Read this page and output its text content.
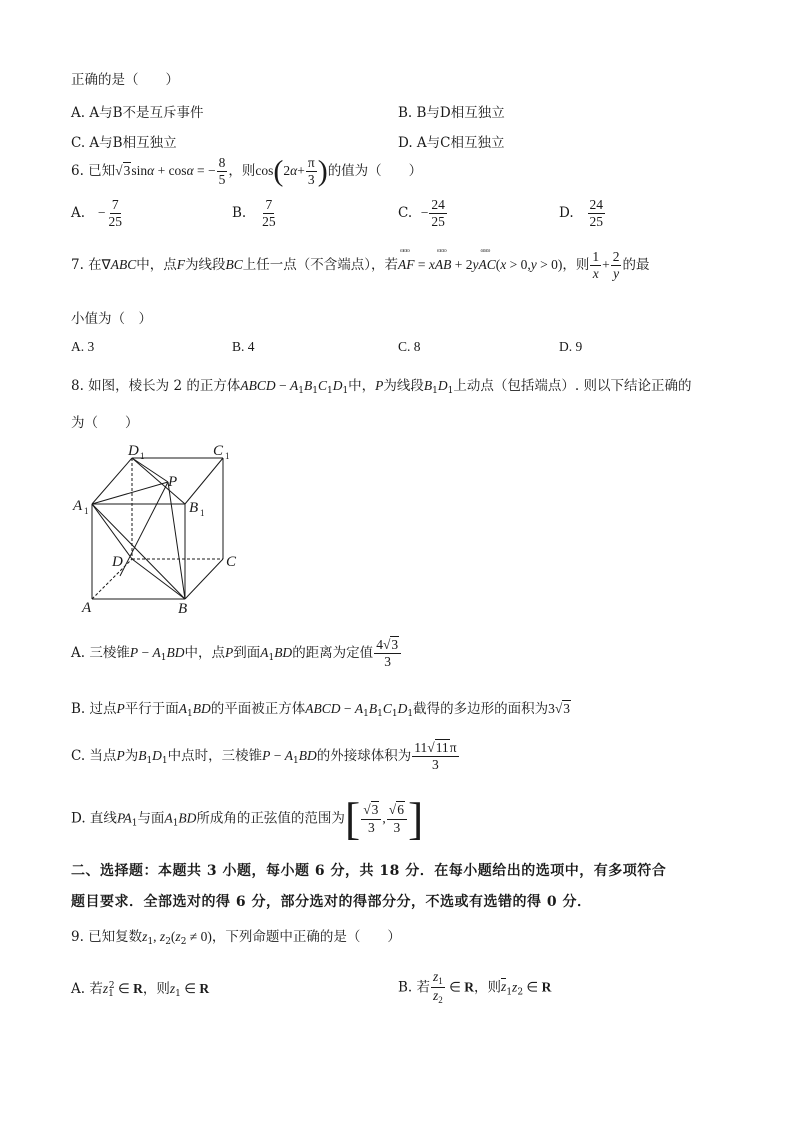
正确的是（　　）
A. A与B不是互斥事件	B. B与D相互独立
C. A与B相互独立	D. A与C相互独立
6. 已知√3sinα + cosα = − $\frac{8}{5}$ ，则$\cos(2\alpha+ \frac{\pi}{3}$ )的值为（　　）
A. − $\frac{7}{25}$	B. $\frac{7}{25}$	C. − $\frac{24}{25}$	D. $\frac{24}{25}$
7. 在∇ABC中，点F为线段BC上任一点（不含端点），若ɷɷɷ AF = xɷɷɷ AB + 2yɷɷɷ AC(x > 0,y > 0)，则 $\frac{1}{x} + \frac{2}{y}$ 的最
小值为（　）
A. 3	B. 4	C. 8	D. 9
8. 如图，棱长为 2 的正方体ABCD − $A_1B_1C_1D_1$中，P为线段$B_1D_1$上动点（包括端点）. 则以下结论正确的
为（　　）
D 1	C 1
A 1
P
B 1
D	C
A	B
A. 三棱锥$P - A_1BD$中，点P到面$A_1BD$的距离为定值 $\frac{4√3}{3}$
B. 过点P平行于面$A_1BD$的平面被正方体ABCD − $A_1B_1C_1D_1$截得的多边形的面积为3√3
C. 当点P为$B_1D_1$中点时，三棱锥$P - A_1BD$的外接球体积为 $\frac{11√11\pi}{3}$
D. 直线$PA_1$与面$A_1BD$所成角的正弦值的范围为[ $\frac{√3}{3}$ , $\frac{√6}{3}$ ]
二、选择题：本题共 3 小题，每小题 6 分，共 18 分．在每小题给出的选项中，有多项符合
题目要求．全部选对的得 6 分，部分选对的得部分分，不选或有选错的得 0 分．
9. 已知复数$z_1$, $z_2(z_2 \ne 0)$，下列命题中正确的是（　　）
A. 若$z_1^2$ ∈ R，则$z_1$ ∈ R	B. 若 $\frac{z_1}{z_2}$ ∈ R，则$z_1z_2$ ∈ R
